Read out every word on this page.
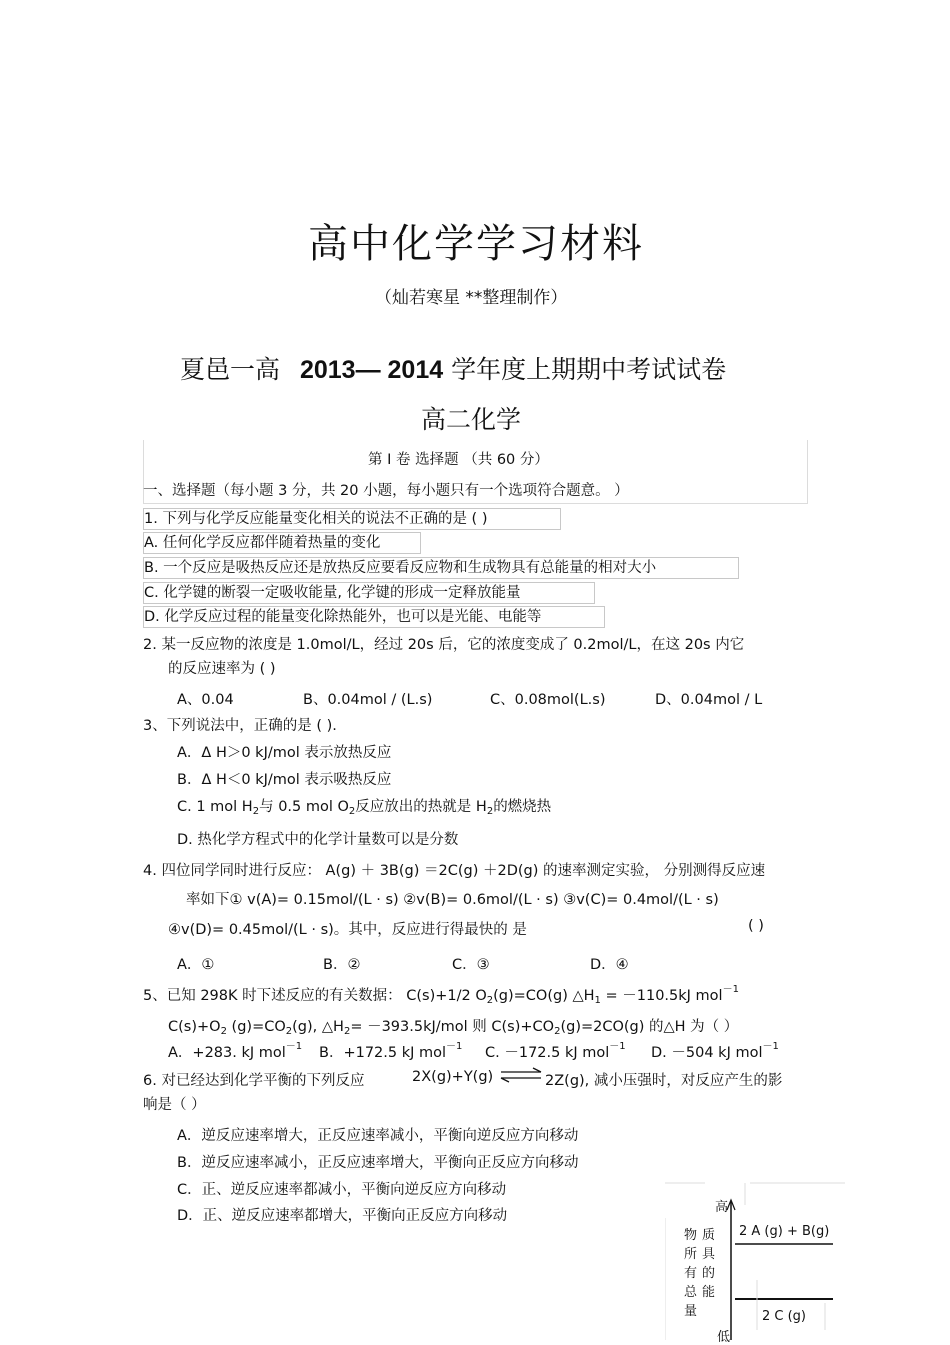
高中化学学习材料
（灿若寒星 **整理制作）
夏邑一高 2013— 2014 学年度上期期中考试试卷
高二化学
第 I 卷 选择题 （共 60 分）
一、选择题（每小题 3 分，共 20 小题，每小题只有一个选项符合题意。 ）
1. 下列与化学反应能量变化相关的说法不正确的是 ( )
A. 任何化学反应都伴随着热量的变化
B. 一个反应是吸热反应还是放热反应要看反应物和生成物具有总能量的相对大小
C. 化学键的断裂一定吸收能量, 化学键的形成一定释放能量
D. 化学反应过程的能量变化除热能外，也可以是光能、电能等
2. 某一反应物的浓度是 1.0mol/L，经过 20s 后，它的浓度变成了 0.2mol/L，在这 20s 内它
的反应速率为 ( )
A、0.04	B、0.04mol / (L.s)	C、0.08mol(L.s)	D、0.04mol / L
3、下列说法中，正确的是 ( ).
A．Δ H＞0 kJ/mol 表示放热反应
B．Δ H＜0 kJ/mol 表示吸热反应
C. 1 mol $H_2$与 0.5 mol $O_2$反应放出的热就是 $H_2$的燃烧热
D. 热化学方程式中的化学计量数可以是分数
4. 四位同学同时进行反应： A(g) ＋ 3B(g) ＝2C(g) ＋2D(g) 的速率测定实验， 分别测得反应速
率如下① v(A)= 0.15mol/(L · s) ②v(B)= 0.6mol/(L · s) ③v(C)= 0.4mol/(L · s)
④v(D)= 0.45mol/(L · s)。其中，反应进行得最快的 是	( )
A．①	B．②	C．③	D．④
5、已知 298K 时下述反应的有关数据： C(s)+1/2 $O_2(g)=CO(g)$ $\triangle H_1 = -110.5kJ$ mol$^{-1}$
$C(s)+O_2$ $(g)=CO_2(g)$, $\triangle H_2= -393.5kJ/mol$ 则 $C(s)+CO_2(g)=2CO(g)$ 的△H 为（ ）
A．+283. kJ mol$^{-1}$ B．+172.5 kJ mol$^{-1}$ C. －172.5 kJ mol$^{-1}$ D. －504 kJ mol$^{-1}$
6. 对已经达到化学平衡的下列反应	2X(g)+Y(g) ⇌ 2Z(g), 减小压强时，对反应产生的影
响是（ ）
A．逆反应速率增大，正反应速率减小，平衡向逆反应方向移动
B．逆反应速率减小，正反应速率增大，平衡向正反应方向移动
C．正、逆反应速率都减小，平衡向逆反应方向移动
D．正、逆反应速率都增大，平衡向正反应方向移动
高
低
物
所
有
总
量
质
具
的
能
2 A (g) + B(g)
2 C (g)
